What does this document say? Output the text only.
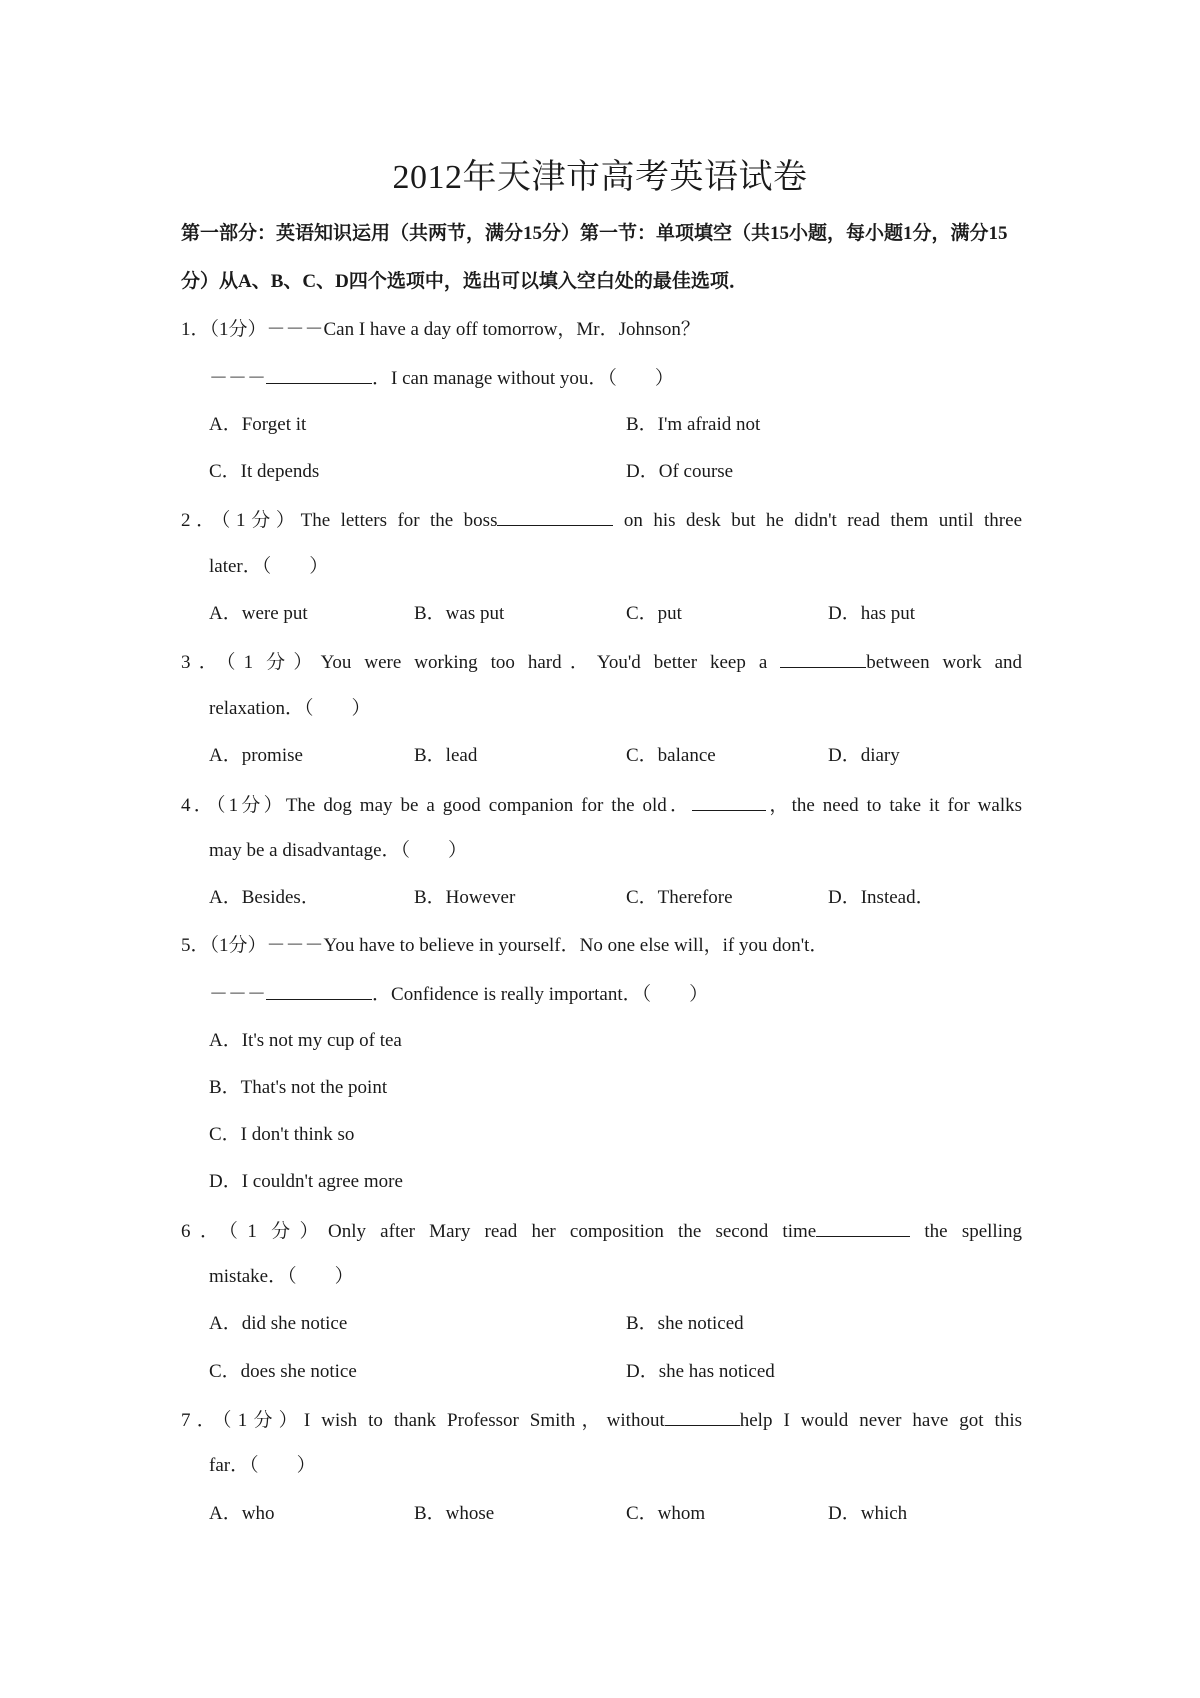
2012年天津市高考英语试卷
第一部分：英语知识运用（共两节，满分15分）第一节：单项填空（共15小题，每小题1分，满分15分）从A、B、C、D四个选项中，选出可以填入空白处的最佳选项．
1．（1分）－－－Can I have a day off tomorrow，Mr．Johnson？
－－－	．I can manage without you．（　　）
A．Forget it	B．I'm afraid not
C．It depends	D．Of course
2．（1分）The letters for the boss	on his desk but he didn't read them until three
later．（　　）
A．were put	B．was put	C．put	D．has put
3．（1 分）You were working too hard．You'd better keep a	between work and
relaxation．（　　）
A．promise	B．lead	C．balance	D．diary
4．（1分）The dog may be a good companion for the old．	，the need to take it for walks
may be a disadvantage．（　　）
A．Besides．	B．However	C．Therefore	D．Instead．
5．（1分）－－－You have to believe in yourself．No one else will，if you don't．
－－－	．Confidence is really important．（　　）
A．It's not my cup of tea
B．That's not the point
C．I don't think so
D．I couldn't agree more
6．（1 分）Only after Mary read her composition the second time	the spelling
mistake．（　　）
A．did she notice	B．she noticed
C．does she notice	D．she has noticed
7．（1分）I wish to thank Professor Smith，without	help I would never have got this
far．（　　）
A．who	B．whose	C．whom	D．which
